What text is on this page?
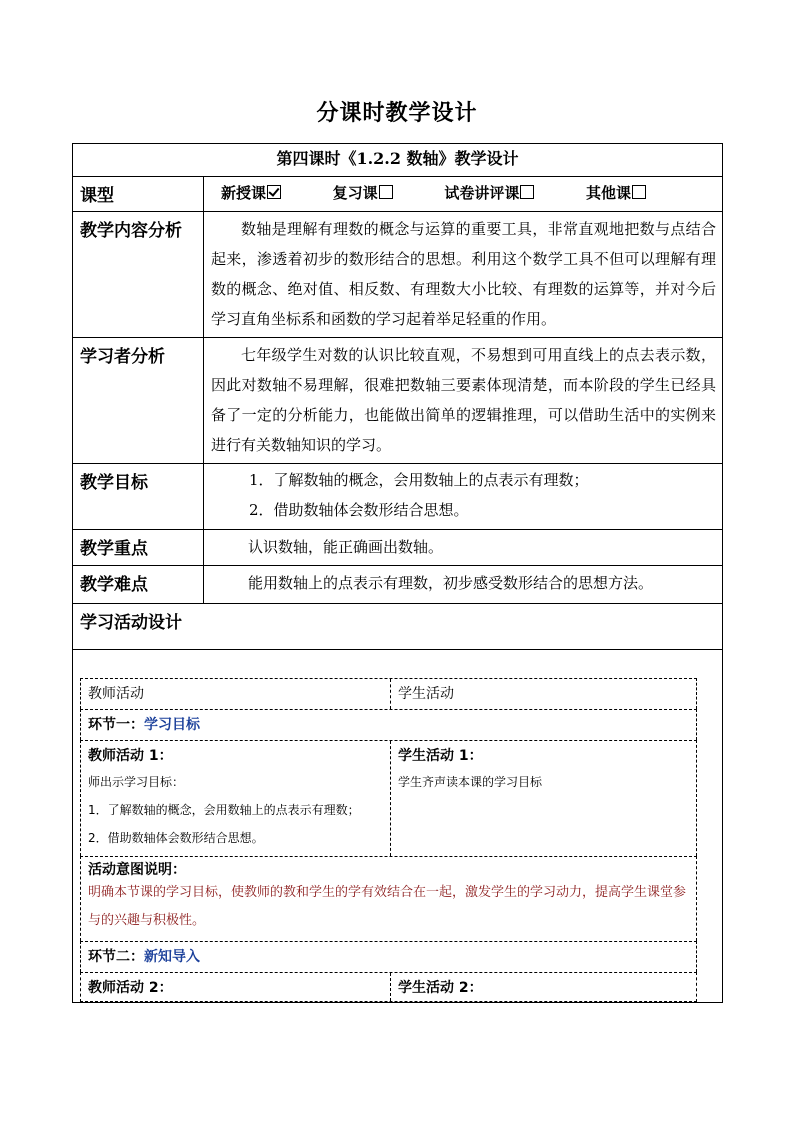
分课时教学设计
第四课时《1.2.2 数轴》教学设计
课型	新授课	复习课	试卷讲评课	其他课
教学内容分析	数轴是理解有理数的概念与运算的重要工具，非常直观地把数与点结合起来，渗透着初步的数形结合的思想。利用这个数学工具不但可以理解有理数的概念、绝对值、相反数、有理数大小比较、有理数的运算等，并对今后学习直角坐标系和函数的学习起着举足轻重的作用。

学习者分析	七年级学生对数的认识比较直观，不易想到可用直线上的点去表示数，因此对数轴不易理解，很难把数轴三要素体现清楚，而本阶段的学生已经具备了一定的分析能力，也能做出简单的逻辑推理，可以借助生活中的实例来进行有关数轴知识的学习。

教学目标	1．了解数轴的概念，会用数轴上的点表示有理数；

2．借助数轴体会数形结合思想。

教学重点	认识数轴，能正确画出数轴。

教学难点	能用数轴上的点表示有理数，初步感受数形结合的思想方法。

学习活动设计
教师活动	学生活动
环节一：学习目标
教师活动 1：

师出示学习目标：

1．了解数轴的概念，会用数轴上的点表示有理数；

2．借助数轴体会数形结合思想。

学生活动 1：

学生齐声读本课的学习目标

活动意图说明：

明确本节课的学习目标，使教师的教和学生的学有效结合在一起，激发学生的学习动力，提高学生课堂参与的兴趣与积极性。

环节二：新知导入
教师活动 2：	学生活动 2：
